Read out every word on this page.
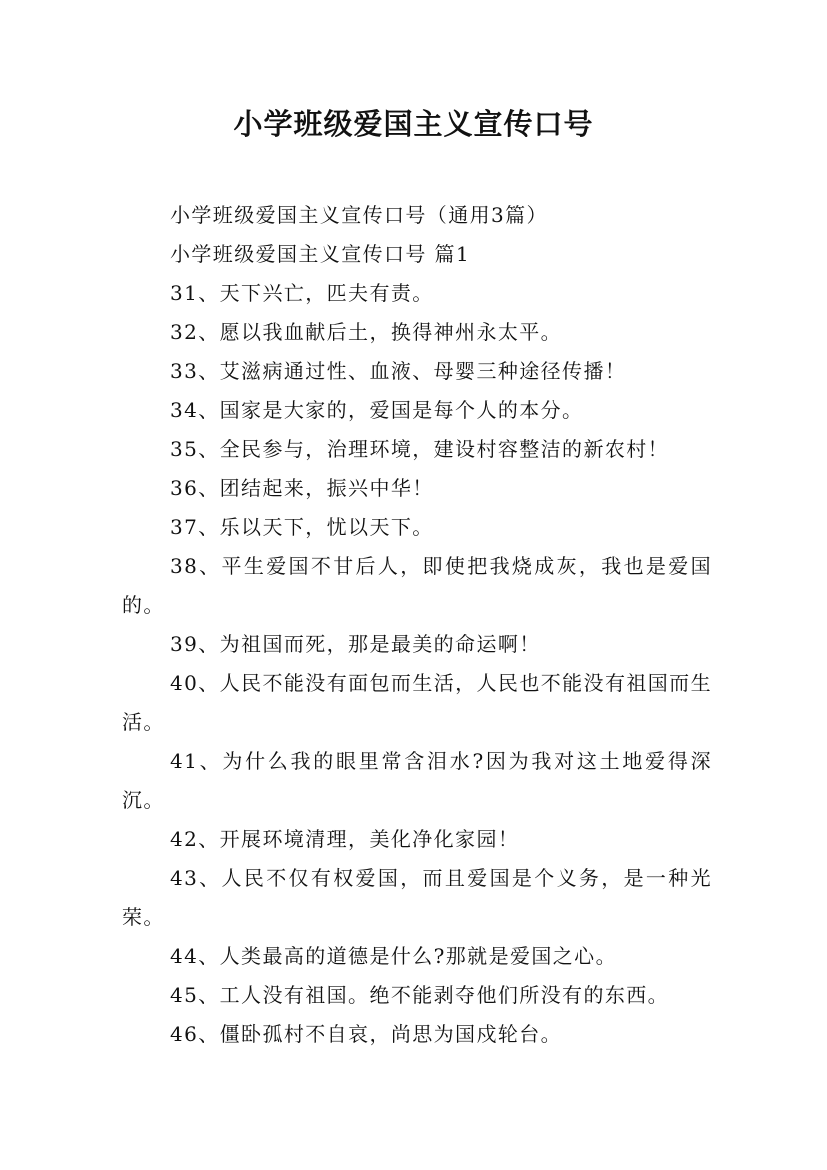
小学班级爱国主义宣传口号

小学班级爱国主义宣传口号（通用3篇）

小学班级爱国主义宣传口号 篇1

31、天下兴亡，匹夫有责。

32、愿以我血献后土，换得神州永太平。

33、艾滋病通过性、血液、母婴三种途径传播！

34、国家是大家的，爱国是每个人的本分。

35、全民参与，治理环境，建设村容整洁的新农村！

36、团结起来，振兴中华！

37、乐以天下，忧以天下。

38、平生爱国不甘后人，即使把我烧成灰，我也是爱国的。

39、为祖国而死，那是最美的命运啊！

40、人民不能没有面包而生活，人民也不能没有祖国而生活。

41、为什么我的眼里常含泪水?因为我对这土地爱得深沉。

42、开展环境清理，美化净化家园！

43、人民不仅有权爱国，而且爱国是个义务，是一种光荣。

44、人类最高的道德是什么?那就是爱国之心。

45、工人没有祖国。绝不能剥夺他们所没有的东西。

46、僵卧孤村不自哀，尚思为国戍轮台。
